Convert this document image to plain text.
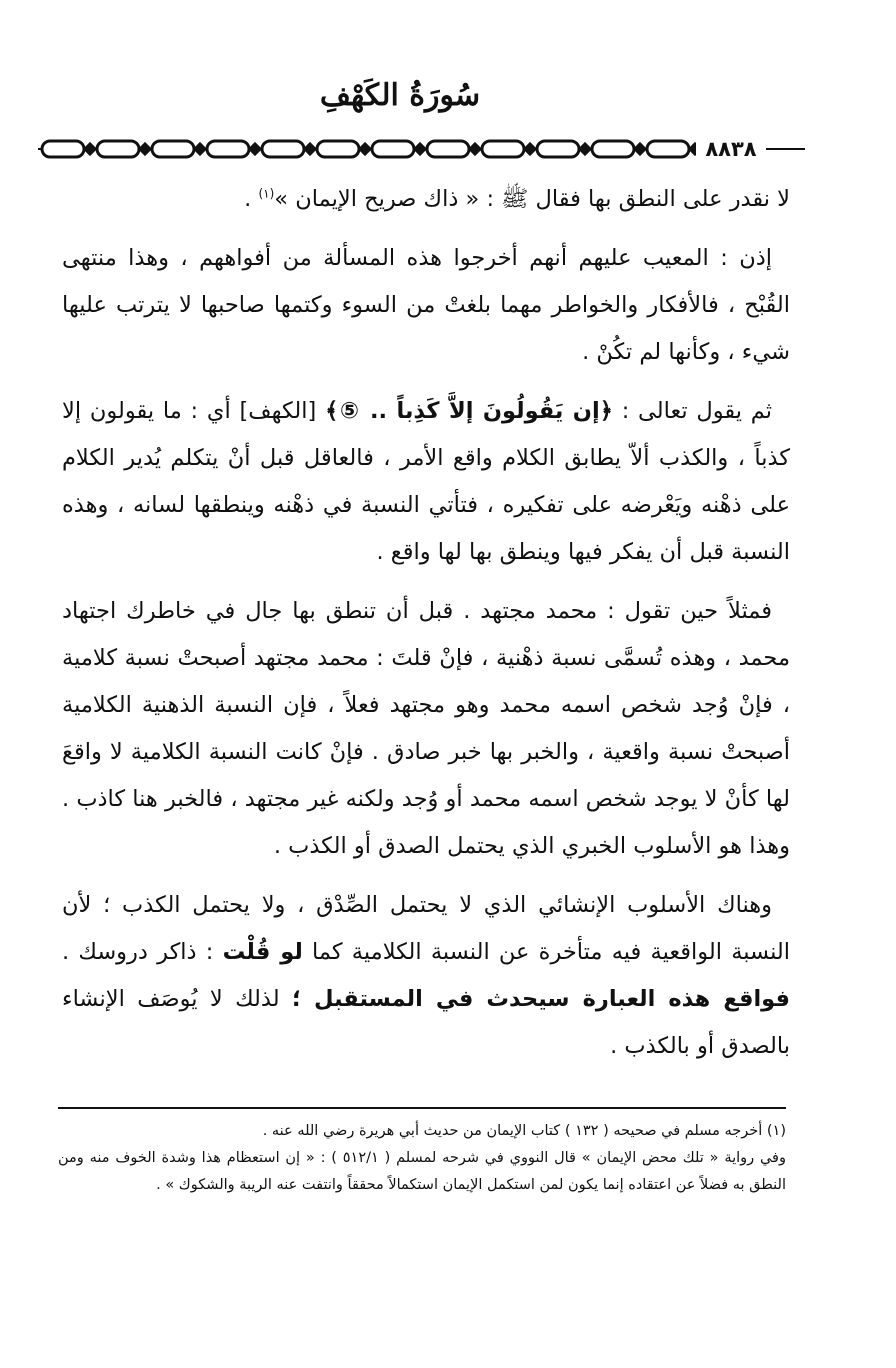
سُورَةُ الكَهْفِ
٨٨٣٨

لا نقدر على النطق بها فقال ﷺ : « ذاك صريح الإيمان »$^{(١)}$ .

إذن : المعيب عليهم أنهم أخرجوا هذه المسألة من أفواههم ، وهذا منتهى القُبْح ، فالأفكار والخواطر مهما بلغتْ من السوء وكتمها صاحبها لا يترتب عليها شيء ، وكأنها لم تكُنْ .

ثم يقول تعالى : ﴿إن يَقُولُونَ إلاَّ كَذِباً .. ⑤﴾ [الكهف] أي : ما يقولون إلا كذباً ، والكذب ألاّ يطابق الكلام واقع الأمر ، فالعاقل قبل أنْ يتكلم يُدير الكلام على ذهْنه ويَعْرضه على تفكيره ، فتأتي النسبة في ذهْنه وينطقها لسانه ، وهذه النسبة قبل أن يفكر فيها وينطق بها لها واقع .

فمثلاً حين تقول : محمد مجتهد . قبل أن تنطق بها جال في خاطرك اجتهاد محمد ، وهذه تُسمَّى نسبة ذهْنية ، فإنْ قلتَ : محمد مجتهد أصبحتْ نسبة كلامية ، فإنْ وُجد شخص اسمه محمد وهو مجتهد فعلاً ، فإن النسبة الذهنية الكلامية أصبحتْ نسبة واقعية ، والخبر بها خبر صادق . فإنْ كانت النسبة الكلامية لا واقعَ لها كأنْ لا يوجد شخص اسمه محمد أو وُجد ولكنه غير مجتهد ، فالخبر هنا كاذب . وهذا هو الأسلوب الخبري الذي يحتمل الصدق أو الكذب .

وهناك الأسلوب الإنشائي الذي لا يحتمل الصِّدْق ، ولا يحتمل الكذب ؛ لأن النسبة الواقعية فيه متأخرة عن النسبة الكلامية كما لو قُلْت : ذاكر دروسك . فواقع هذه العبارة سيحدث في المستقبل ؛ لذلك لا يُوصَف الإنشاء بالصدق أو بالكذب .

(١) أخرجه مسلم في صحيحه ( ١٣٢ ) كتاب الإيمان من حديث أبي هريرة رضي الله عنه .

وفي رواية « تلك محض الإيمان » قال النووي في شرحه لمسلم ( ٥١٢/١ ) : « إن استعظام هذا وشدة الخوف منه ومن النطق به فضلاً عن اعتقاده إنما يكون لمن استكمل الإيمان استكمالاً محققاً وانتفت عنه الريبة والشكوك » .
